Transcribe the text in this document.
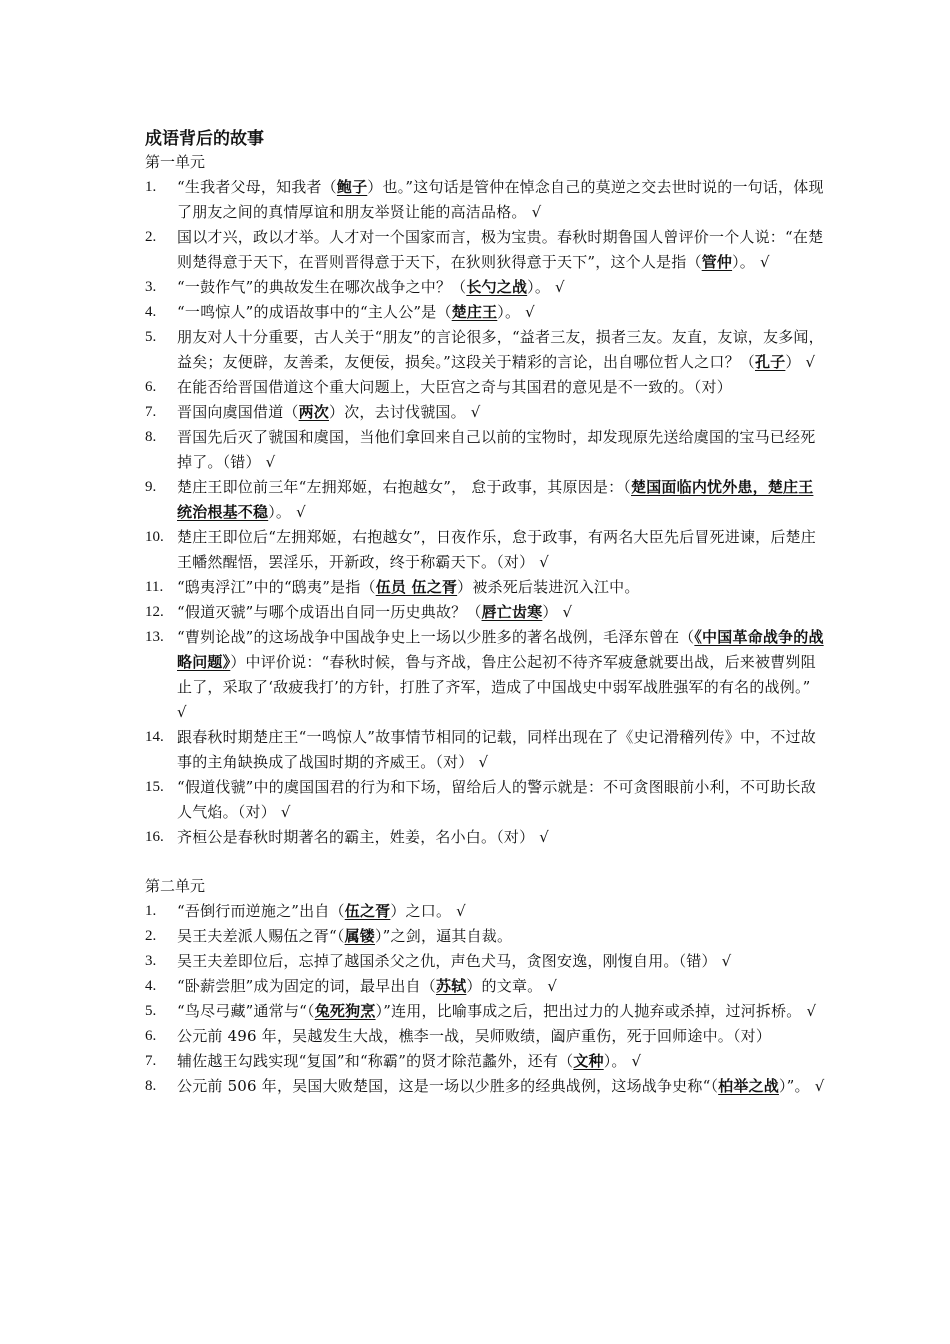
成语背后的故事
第一单元
1.	“生我者父母，知我者（鲍子）也。”这句话是管仲在悼念自己的莫逆之交去世时说的一句话，体现了朋友之间的真情厚谊和朋友举贤让能的高洁品格。 √
2.	国以才兴，政以才举。人才对一个国家而言，极为宝贵。春秋时期鲁国人曾评价一个人说：“在楚则楚得意于天下，在晋则晋得意于天下，在狄则狄得意于天下”，这个人是指（管仲）。 √
3.	“一鼓作气”的典故发生在哪次战争之中？（长勺之战）。 √
4.	“一鸣惊人”的成语故事中的“主人公”是（楚庄王）。 √
5.	朋友对人十分重要，古人关于“朋友”的言论很多，“益者三友，损者三友。友直，友谅，友多闻，益矣；友便辟，友善柔，友便佞，损矣。”这段关于精彩的言论，出自哪位哲人之口？（孔子） √
6.	在能否给晋国借道这个重大问题上，大臣宫之奇与其国君的意见是不一致的。（对）
7.	晋国向虞国借道（两次）次，去讨伐虢国。 √
8.	晋国先后灭了虢国和虞国，当他们拿回来自己以前的宝物时，却发现原先送给虞国的宝马已经死掉了。（错） √
9.	楚庄王即位前三年“左拥郑姬，右抱越女”， 怠于政事，其原因是：（楚国面临内忧外患，楚庄王统治根基不稳）。 √
10. 楚庄王即位后“左拥郑姬，右抱越女”，日夜作乐，怠于政事，有两名大臣先后冒死进谏，后楚庄王幡然醒悟，罢淫乐，开新政，终于称霸天下。（对） √
11. “鸱夷浮江”中的“鸱夷”是指（伍员 伍之胥）被杀死后装进沉入江中。
12. “假道灭虢”与哪个成语出自同一历史典故？（唇亡齿寒） √
13. “曹刿论战”的这场战争中国战争史上一场以少胜多的著名战例，毛泽东曾在（《中国革命战争的战略问题》）中评价说：“春秋时候，鲁与齐战，鲁庄公起初不待齐军疲惫就要出战，后来被曹刿阻止了，采取了‘敌疲我打’的方针，打胜了齐军，造成了中国战史中弱军战胜强军的有名的战例。” √
14. 跟春秋时期楚庄王“一鸣惊人”故事情节相同的记载，同样出现在了《史记滑稽列传》中，不过故事的主角缺换成了战国时期的齐威王。（对） √
15. “假道伐虢”中的虞国国君的行为和下场，留给后人的警示就是：不可贪图眼前小利，不可助长敌人气焰。（对） √
16. 齐桓公是春秋时期著名的霸主，姓姜，名小白。（对） √
第二单元
1.	“吾倒行而逆施之”出自（伍之胥）之口。 √
2.	吴王夫差派人赐伍之胥“（属镂）”之剑，逼其自裁。
3.	吴王夫差即位后，忘掉了越国杀父之仇，声色犬马，贪图安逸，刚愎自用。（错） √
4.	“卧薪尝胆”成为固定的词，最早出自（苏轼）的文章。 √
5.	“鸟尽弓藏”通常与“（兔死狗烹）”连用，比喻事成之后，把出过力的人抛弃或杀掉，过河拆桥。 √
6.	公元前 496 年，吴越发生大战，樵李一战，吴师败绩，阖庐重伤，死于回师途中。（对）
7.	辅佐越王勾践实现“复国”和“称霸”的贤才除范蠡外，还有（文种）。 √
8.	公元前 506 年，吴国大败楚国，这是一场以少胜多的经典战例，这场战争史称“（柏举之战）”。 √
